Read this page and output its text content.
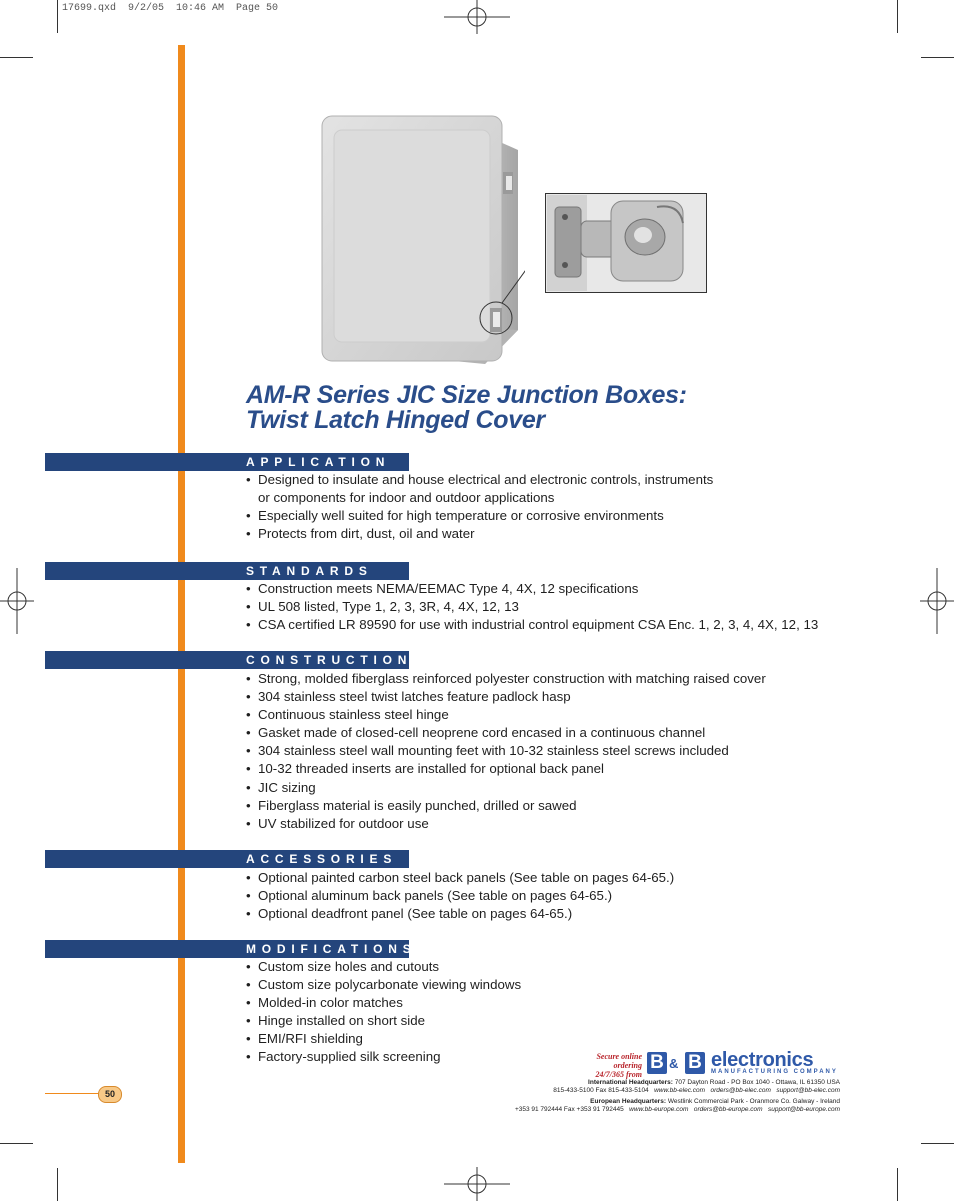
17699.qxd  9/2/05  10:46 AM  Page 50
AM-R Series JIC Size Junction Boxes:
Twist Latch Hinged Cover
APPLICATION
• Designed to insulate and house electrical and electronic controls, instruments
or components for indoor and outdoor applications
• Especially well suited for high temperature or corrosive environments
• Protects from dirt, dust, oil and water
STANDARDS
• Construction meets NEMA/EEMAC Type 4, 4X, 12 specifications
• UL 508 listed, Type 1, 2, 3, 3R, 4, 4X, 12, 13
• CSA certified LR 89590 for use with industrial control equipment CSA Enc. 1, 2, 3, 4, 4X, 12, 13
CONSTRUCTION
• Strong, molded fiberglass reinforced polyester construction with matching raised cover
• 304 stainless steel twist latches feature padlock hasp
• Continuous stainless steel hinge
• Gasket made of closed-cell neoprene cord encased in a continuous channel
• 304 stainless steel wall mounting feet with 10-32 stainless steel screws included
• 10-32 threaded inserts are installed for optional back panel
• JIC sizing
• Fiberglass material is easily punched, drilled or sawed
• UV stabilized for outdoor use
ACCESSORIES
• Optional painted carbon steel back panels (See table on pages 64-65.)
• Optional aluminum back panels (See table on pages 64-65.)
• Optional deadfront panel (See table on pages 64-65.)
MODIFICATIONS
• Custom size holes and cutouts
• Custom size polycarbonate viewing windows
• Molded-in color matches
• Hinge installed on short side
• EMI/RFI shielding
• Factory-supplied silk screening
50
Secure online
ordering
24/7/365 from
B & B electronics
MANUFACTURING COMPANY
International Headquarters: 707 Dayton Road - PO Box 1040 - Ottawa, IL 61350 USA
815-433-5100 Fax 815-433-5104 www.bb-elec.com orders@bb-elec.com support@bb-elec.com
European Headquarters: Westlink Commercial Park - Oranmore Co. Galway - Ireland
+353 91 792444 Fax +353 91 792445 www.bb-europe.com orders@bb-europe.com support@bb-europe.com
